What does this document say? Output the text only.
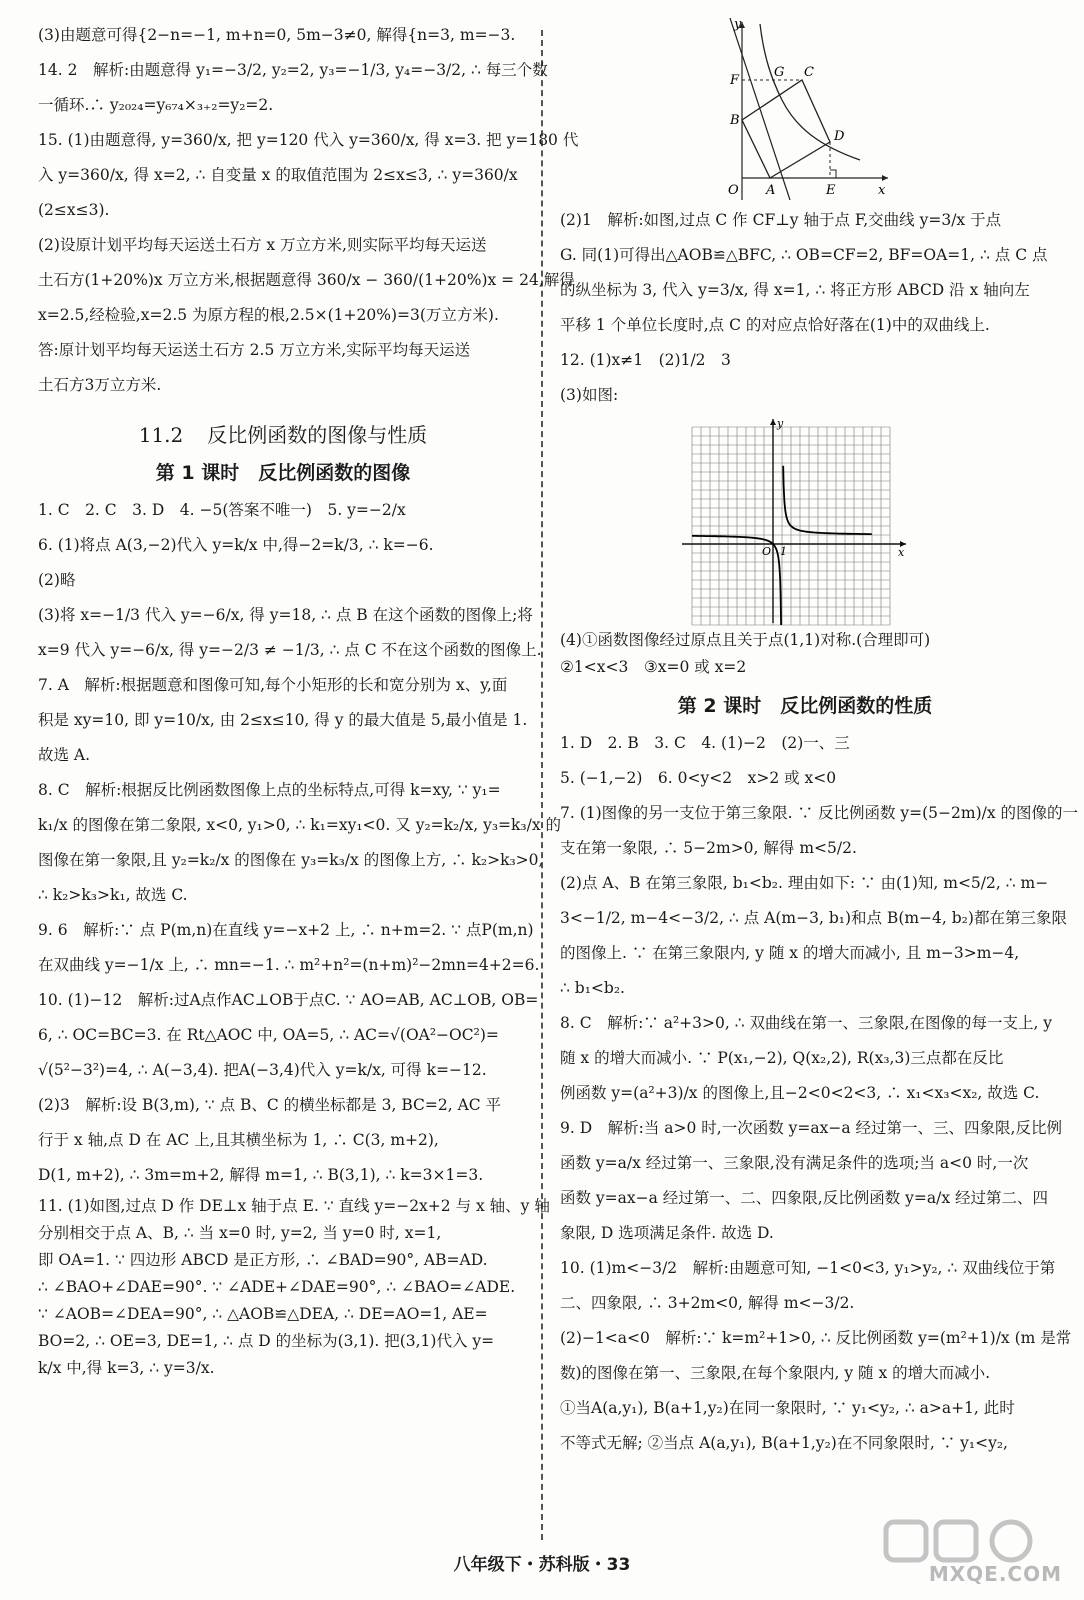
(3)由题意可得{2−n=−1, m+n=0, 5m−3≠0, 解得{n=3, m=−3.
14. 2　解析:由题意得 y₁=−3/2, y₂=2, y₃=−1/3, y₄=−3/2, ∴ 每三个数
一循环.∴ y₂₀₂₄=y₆₇₄×₃₊₂=y₂=2.
15. (1)由题意得, y=360/x, 把 y=120 代入 y=360/x, 得 x=3. 把 y=180 代
入 y=360/x, 得 x=2, ∴ 自变量 x 的取值范围为 2≤x≤3, ∴ y=360/x
(2≤x≤3).
(2)设原计划平均每天运送土石方 x 万立方米,则实际平均每天运送
土石方(1+20%)x 万立方米,根据题意得 360/x − 360/(1+20%)x = 24,解得
x=2.5,经检验,x=2.5 为原方程的根,2.5×(1+20%)=3(万立方米).
答:原计划平均每天运送土石方 2.5 万立方米,实际平均每天运送
土石方3万立方米.
11.2 反比例函数的图像与性质
第 1 课时　反比例函数的图像
1. C　2. C　3. D　4. −5(答案不唯一)　5. y=−2/x
6. (1)将点 A(3,−2)代入 y=k/x 中,得−2=k/3, ∴ k=−6.
(2)略
(3)将 x=−1/3 代入 y=−6/x, 得 y=18, ∴ 点 B 在这个函数的图像上;将
x=9 代入 y=−6/x, 得 y=−2/3 ≠ −1/3, ∴ 点 C 不在这个函数的图像上.
7. A　解析:根据题意和图像可知,每个小矩形的长和宽分别为 x、y,面
积是 xy=10, 即 y=10/x, 由 2≤x≤10, 得 y 的最大值是 5,最小值是 1.
故选 A.
8. C　解析:根据反比例函数图像上点的坐标特点,可得 k=xy, ∵ y₁=
k₁/x 的图像在第二象限, x<0, y₁>0, ∴ k₁=xy₁<0. 又 y₂=k₂/x, y₃=k₃/x 的
图像在第一象限,且 y₂=k₂/x 的图像在 y₃=k₃/x 的图像上方, ∴ k₂>k₃>0,
∴ k₂>k₃>k₁, 故选 C.
9. 6　解析:∵ 点 P(m,n)在直线 y=−x+2 上, ∴ n+m=2. ∵ 点P(m,n)
在双曲线 y=−1/x 上, ∴ mn=−1. ∴ m²+n²=(n+m)²−2mn=4+2=6.
10. (1)−12　解析:过A点作AC⊥OB于点C. ∵ AO=AB, AC⊥OB, OB=
6, ∴ OC=BC=3. 在 Rt△AOC 中, OA=5, ∴ AC=√(OA²−OC²)=
√(5²−3²)=4, ∴ A(−3,4). 把A(−3,4)代入 y=k/x, 可得 k=−12.
(2)3　解析:设 B(3,m), ∵ 点 B、C 的横坐标都是 3, BC=2, AC 平
行于 x 轴,点 D 在 AC 上,且其横坐标为 1, ∴ C(3, m+2),
D(1, m+2), ∴ 3m=m+2, 解得 m=1, ∴ B(3,1), ∴ k=3×1=3.
11. (1)如图,过点 D 作 DE⊥x 轴于点 E. ∵ 直线 y=−2x+2 与 x 轴、y 轴
分别相交于点 A、B, ∴ 当 x=0 时, y=2, 当 y=0 时, x=1,
即 OA=1. ∵ 四边形 ABCD 是正方形, ∴ ∠BAD=90°, AB=AD.
∴ ∠BAO+∠DAE=90°. ∵ ∠ADE+∠DAE=90°, ∴ ∠BAO=∠ADE.
∵ ∠AOB=∠DEA=90°, ∴ △AOB≌△DEA, ∴ DE=AO=1, AE=
BO=2, ∴ OE=3, DE=1, ∴ 点 D 的坐标为(3,1). 把(3,1)代入 y=
k/x 中,得 k=3, ∴ y=3/x.
y
F
G C
B
D
O A	E	x
(2)1　解析:如图,过点 C 作 CF⊥y 轴于点 F,交曲线 y=3/x 于点
G. 同(1)可得出△AOB≌△BFC, ∴ OB=CF=2, BF=OA=1, ∴ 点 C 点
的纵坐标为 3, 代入 y=3/x, 得 x=1, ∴ 将正方形 ABCD 沿 x 轴向左
平移 1 个单位长度时,点 C 的对应点恰好落在(1)中的双曲线上.
12. (1)x≠1　(2)1/2　3
(3)如图:
y
x
O 1
(4)①函数图像经过原点且关于点(1,1)对称.(合理即可)
②1<x<3　③x=0 或 x=2
第 2 课时　反比例函数的性质
1. D　2. B　3. C　4. (1)−2　(2)一、三
5. (−1,−2)　6. 0<y<2　x>2 或 x<0
7. (1)图像的另一支位于第三象限. ∵ 反比例函数 y=(5−2m)/x 的图像的一
支在第一象限, ∴ 5−2m>0, 解得 m<5/2.
(2)点 A、B 在第三象限, b₁<b₂. 理由如下: ∵ 由(1)知, m<5/2, ∴ m−
3<−1/2, m−4<−3/2, ∴ 点 A(m−3, b₁)和点 B(m−4, b₂)都在第三象限
的图像上. ∵ 在第三象限内, y 随 x 的增大而减小, 且 m−3>m−4,
∴ b₁<b₂.
8. C　解析:∵ a²+3>0, ∴ 双曲线在第一、三象限,在图像的每一支上, y
随 x 的增大而减小. ∵ P(x₁,−2), Q(x₂,2), R(x₃,3)三点都在反比
例函数 y=(a²+3)/x 的图像上,且−2<0<2<3, ∴ x₁<x₃<x₂, 故选 C.
9. D　解析:当 a>0 时,一次函数 y=ax−a 经过第一、三、四象限,反比例
函数 y=a/x 经过第一、三象限,没有满足条件的选项;当 a<0 时,一次
函数 y=ax−a 经过第一、二、四象限,反比例函数 y=a/x 经过第二、四
象限, D 选项满足条件. 故选 D.
10. (1)m<−3/2　解析:由题意可知, −1<0<3, y₁>y₂, ∴ 双曲线位于第
二、四象限, ∴ 3+2m<0, 解得 m<−3/2.
(2)−1<a<0　解析:∵ k=m²+1>0, ∴ 反比例函数 y=(m²+1)/x (m 是常
数)的图像在第一、三象限,在每个象限内, y 随 x 的增大而减小.
①当A(a,y₁), B(a+1,y₂)在同一象限时, ∵ y₁<y₂, ∴ a>a+1, 此时
不等式无解; ②当点 A(a,y₁), B(a+1,y₂)在不同象限时, ∵ y₁<y₂,
八年级下・苏科版・33	MXQE.COM
